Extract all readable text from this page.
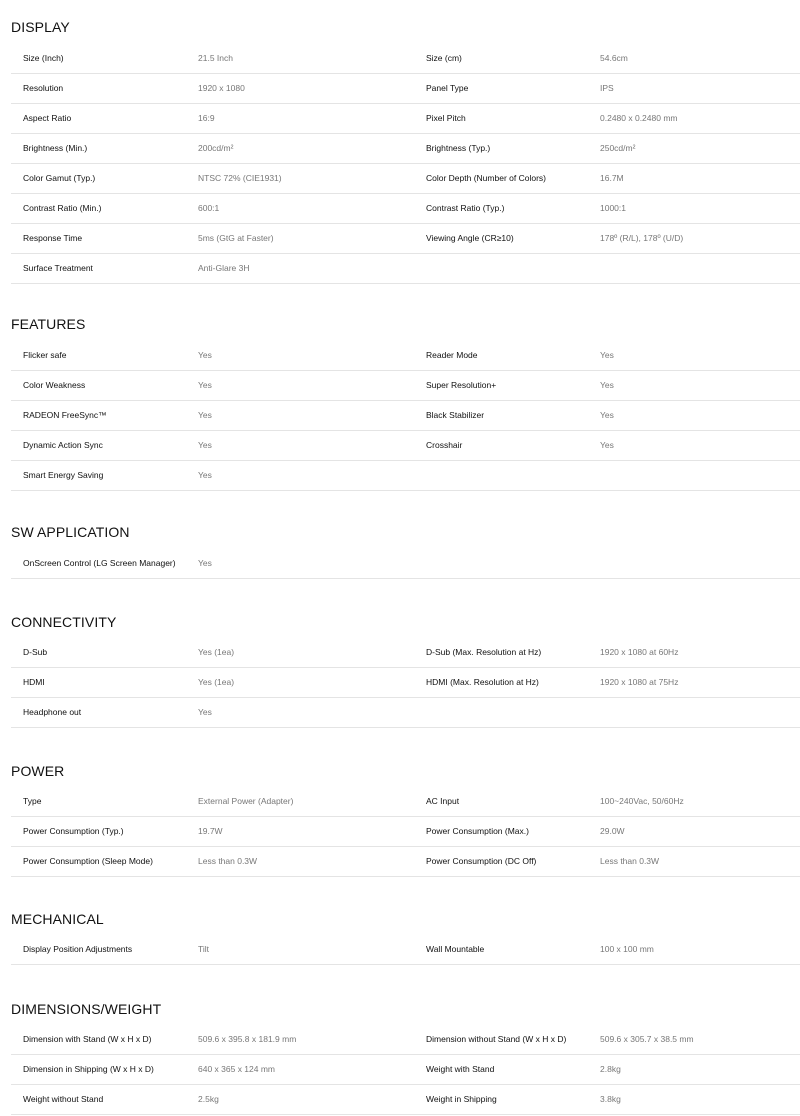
DISPLAY
Size (Inch)	21.5 Inch	Size (cm)	54.6cm
Resolution	1920 x 1080	Panel Type	IPS
Aspect Ratio	16:9	Pixel Pitch	0.2480 x 0.2480 mm
Brightness (Min.)	200cd/m²	Brightness (Typ.)	250cd/m²
Color Gamut (Typ.)	NTSC 72% (CIE1931)	Color Depth (Number of Colors)	16.7M
Contrast Ratio (Min.)	600:1	Contrast Ratio (Typ.)	1000:1
Response Time	5ms (GtG at Faster)	Viewing Angle (CR≥10)	178º (R/L), 178º (U/D)
Surface Treatment	Anti-Glare 3H
FEATURES
Flicker safe	Yes	Reader Mode	Yes
Color Weakness	Yes	Super Resolution+	Yes
RADEON FreeSync™	Yes	Black Stabilizer	Yes
Dynamic Action Sync	Yes	Crosshair	Yes
Smart Energy Saving	Yes
SW APPLICATION
OnScreen Control (LG Screen Manager)	Yes
CONNECTIVITY
D-Sub	Yes (1ea)	D-Sub (Max. Resolution at Hz)	1920 x 1080 at 60Hz
HDMI	Yes (1ea)	HDMI (Max. Resolution at Hz)	1920 x 1080 at 75Hz
Headphone out	Yes
POWER
Type	External Power (Adapter)	AC Input	100~240Vac, 50/60Hz
Power Consumption (Typ.)	19.7W	Power Consumption (Max.)	29.0W
Power Consumption (Sleep Mode)	Less than 0.3W	Power Consumption (DC Off)	Less than 0.3W
MECHANICAL
Display Position Adjustments	Tilt	Wall Mountable	100 x 100 mm
DIMENSIONS/WEIGHT
Dimension with Stand (W x H x D)	509.6 x 395.8 x 181.9 mm	Dimension without Stand (W x H x D)	509.6 x 305.7 x 38.5 mm
Dimension in Shipping (W x H x D)	640 x 365 x 124 mm	Weight with Stand	2.8kg
Weight without Stand	2.5kg	Weight in Shipping	3.8kg
